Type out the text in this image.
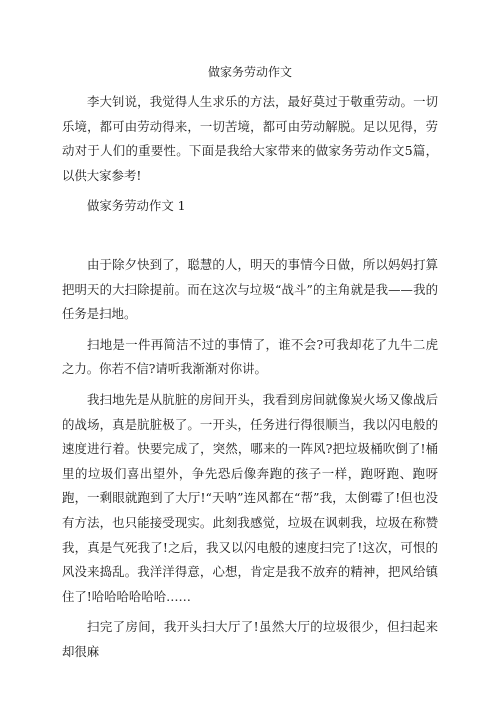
做家务劳动作文

李大钊说，我觉得人生求乐的方法，最好莫过于敬重劳动。一切乐境，都可由劳动得来，一切苦境，都可由劳动解脱。足以见得，劳动对于人们的重要性。下面是我给大家带来的做家务劳动作文5篇，以供大家参考!

做家务劳动作文 1

由于除夕快到了，聪慧的人，明天的事情今日做，所以妈妈打算把明天的大扫除提前。而在这次与垃圾“战斗”的主角就是我——我的任务是扫地。

扫地是一件再简洁不过的事情了，谁不会?可我却花了九牛二虎之力。你若不信?请听我渐渐对你讲。

我扫地先是从肮脏的房间开头，我看到房间就像炭火场又像战后的战场，真是肮脏极了。一开头，任务进行得很顺当，我以闪电般的速度进行着。快要完成了，突然，哪来的一阵风?把垃圾桶吹倒了!桶里的垃圾们喜出望外，争先恐后像奔跑的孩子一样，跑呀跑、跑呀跑，一剩眼就跑到了大厅!“天呐”连风都在“帮”我，太倒霉了!但也没有方法，也只能接受现实。此刻我感觉，垃圾在讽刺我，垃圾在称赞我，真是气死我了!之后，我又以闪电般的速度扫完了!这次，可恨的风没来捣乱。我洋洋得意，心想，肯定是我不放弃的精神，把风给镇住了!哈哈哈哈哈哈……

扫完了房间，我开头扫大厅了!虽然大厅的垃圾很少，但扫起来却很麻
